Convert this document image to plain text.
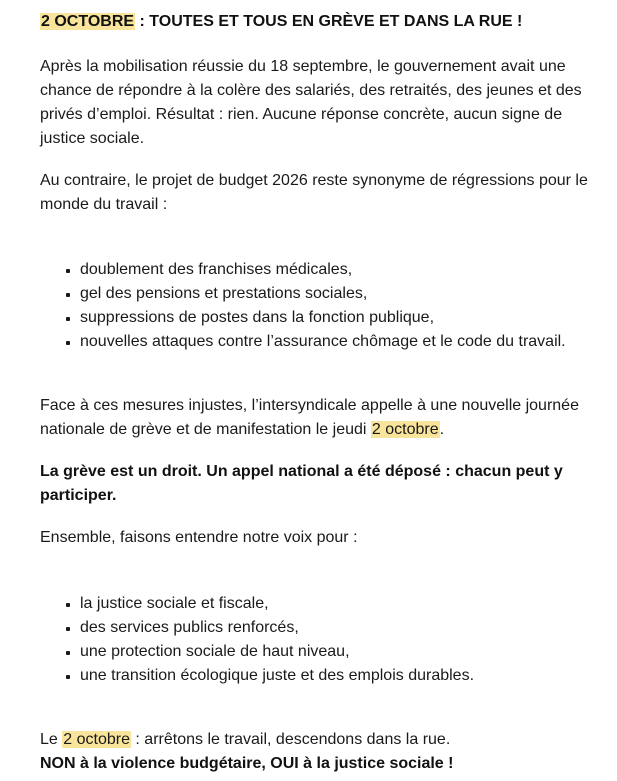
2 OCTOBRE : TOUTES ET TOUS EN GRÈVE ET DANS LA RUE !

Après la mobilisation réussie du 18 septembre, le gouvernement avait une chance de répondre à la colère des salariés, des retraités, des jeunes et des privés d’emploi. Résultat : rien. Aucune réponse concrète, aucun signe de justice sociale.

Au contraire, le projet de budget 2026 reste synonyme de régressions pour le monde du travail :

doublement des franchises médicales,
gel des pensions et prestations sociales,
suppressions de postes dans la fonction publique,
nouvelles attaques contre l’assurance chômage et le code du travail.

Face à ces mesures injustes, l’intersyndicale appelle à une nouvelle journée nationale de grève et de manifestation le jeudi 2 octobre.

La grève est un droit. Un appel national a été déposé : chacun peut y participer.

Ensemble, faisons entendre notre voix pour :

la justice sociale et fiscale,
des services publics renforcés,
une protection sociale de haut niveau,
une transition écologique juste et des emplois durables.

Le 2 octobre : arrêtons le travail, descendons dans la rue.

NON à la violence budgétaire, OUI à la justice sociale !
